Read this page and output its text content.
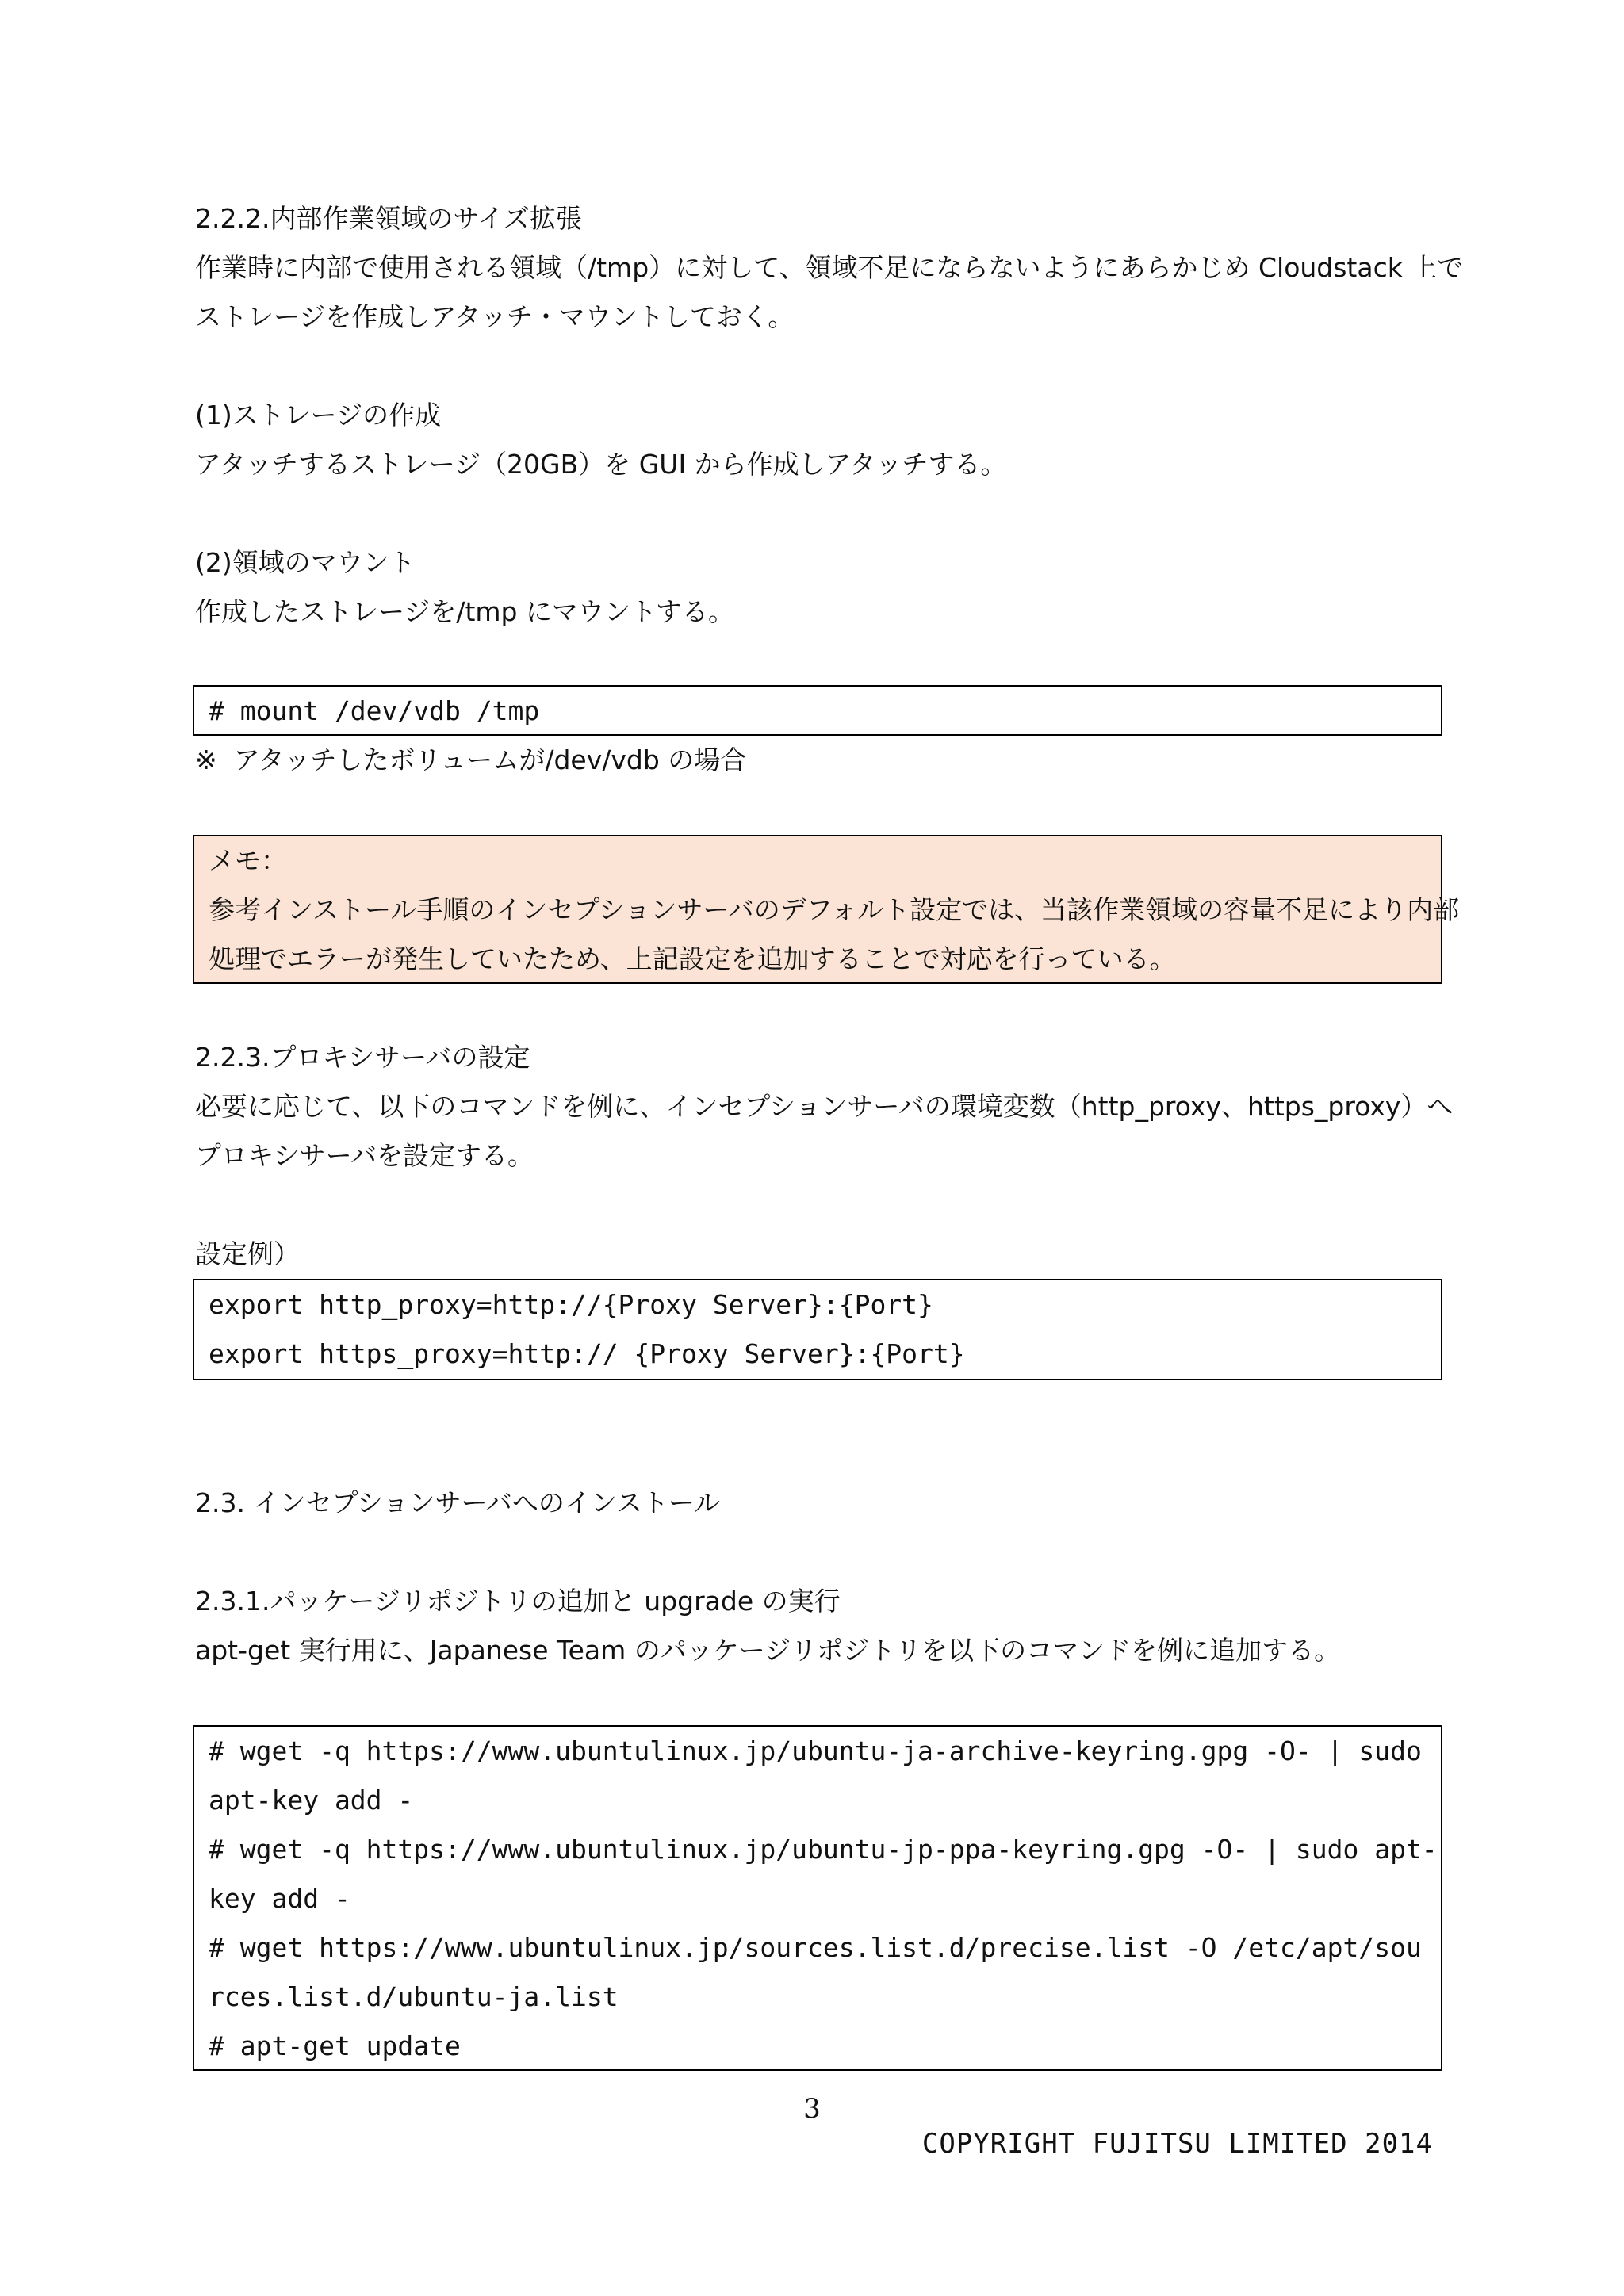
2.2.2.内部作業領域のサイズ拡張
作業時に内部で使用される領域（/tmp）に対して、領域不足にならないようにあらかじめ Cloudstack 上で
ストレージを作成しアタッチ・マウントしておく。
(1)ストレージの作成
アタッチするストレージ（20GB）を GUI から作成しアタッチする。
(2)領域のマウント
作成したストレージを/tmp にマウントする。
# mount /dev/vdb /tmp
※  アタッチしたボリュームが/dev/vdb の場合
メモ：
参考インストール手順のインセプションサーバのデフォルト設定では、当該作業領域の容量不足により内部
処理でエラーが発生していたため、上記設定を追加することで対応を行っている。
2.2.3.プロキシサーバの設定
必要に応じて、以下のコマンドを例に、インセプションサーバの環境変数（http_proxy、https_proxy）へ
プロキシサーバを設定する。
設定例）
export http_proxy=http://{Proxy Server}:{Port}
export https_proxy=http:// {Proxy Server}:{Port}
2.3. インセプションサーバへのインストール
2.3.1.パッケージリポジトリの追加と upgrade の実行
apt-get 実行用に、Japanese Team のパッケージリポジトリを以下のコマンドを例に追加する。
# wget -q https://www.ubuntulinux.jp/ubuntu-ja-archive-keyring.gpg -O- | sudo
apt-key add -
# wget -q https://www.ubuntulinux.jp/ubuntu-jp-ppa-keyring.gpg -O- | sudo apt-
key add -
# wget https://www.ubuntulinux.jp/sources.list.d/precise.list -O /etc/apt/sou
rces.list.d/ubuntu-ja.list
# apt-get update
3
COPYRIGHT FUJITSU LIMITED 2014
